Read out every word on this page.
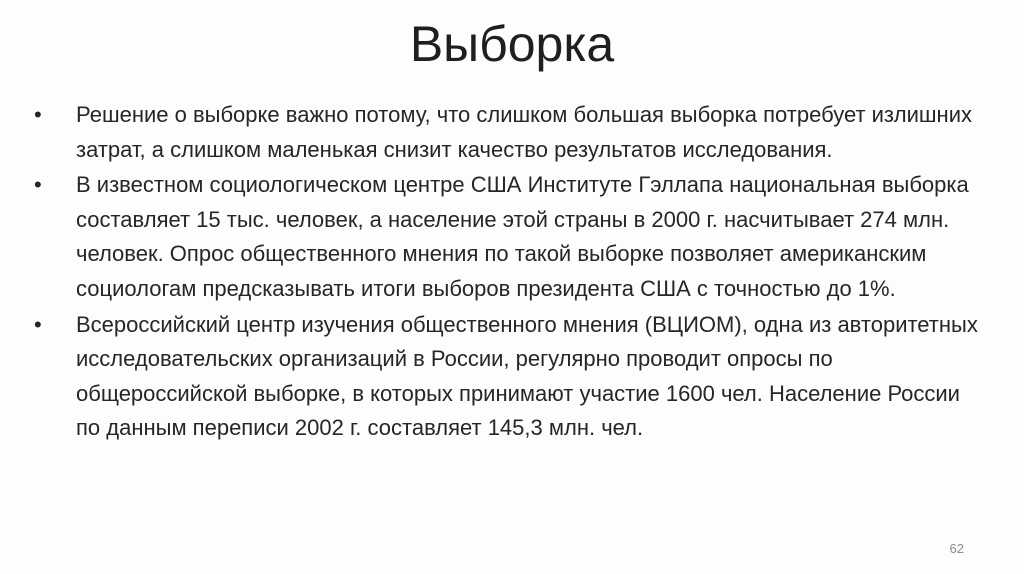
Выборка
•	Решение о выборке важно потому, что слишком большая выборка потребует излишних затрат, а слишком маленькая снизит качество результатов исследования.
•	В известном социологическом центре США Институте Гэллапа национальная выборка составляет 15 тыс. человек, а население этой страны в 2000 г. насчитывает 274 млн. человек. Опрос общественного мнения по такой выборке позволяет американским социологам предсказывать итоги выборов президента США с точностью до 1%.
•	Всероссийский центр изучения общественного мнения (ВЦИОМ), одна из авторитетных исследовательских организаций в России, регулярно проводит опросы по общероссийской выборке, в которых принимают участие 1600 чел. Население России по данным переписи 2002 г. составляет 145,3 млн. чел.
62
